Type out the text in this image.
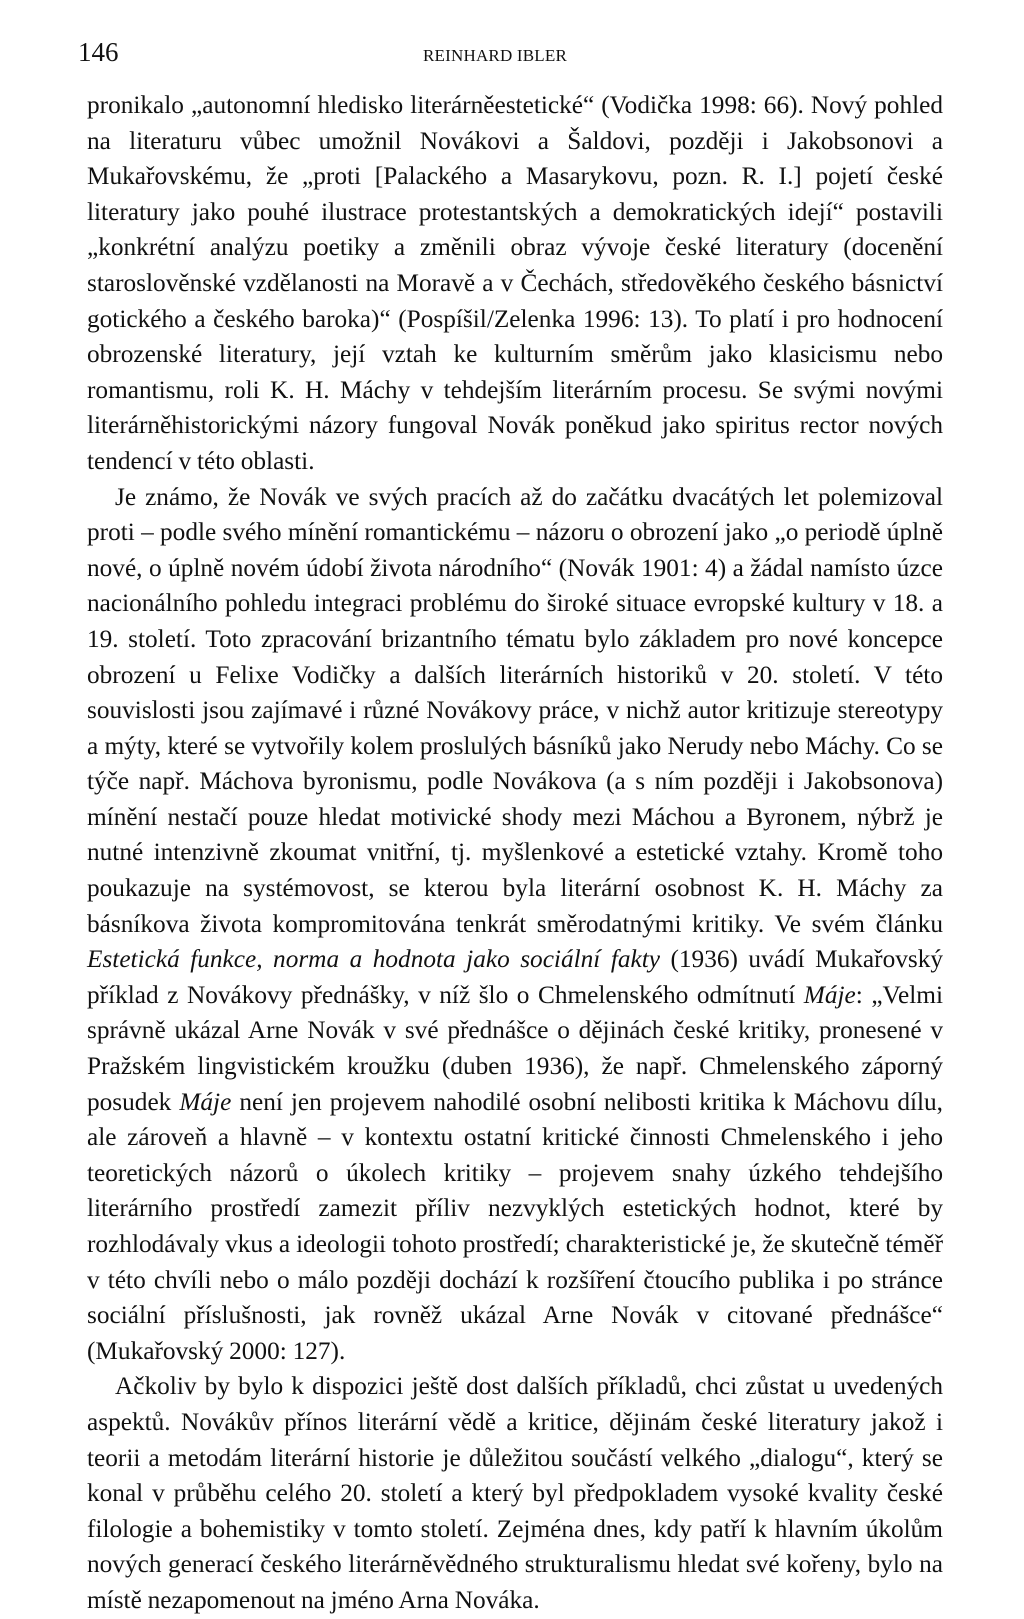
146	REINHARD IBLER

pronikalo „autonomní hledisko literárněestetické“ (Vodička 1998: 66). Nový pohled na literaturu vůbec umožnil Novákovi a Šaldovi, později i Jakobsonovi a Mukařovskému, že „proti [Palackého a Masarykovu, pozn. R. I.] pojetí české literatury jako pouhé ilustrace protestantských a demokratických idejí“ postavili „konkrétní analýzu poetiky a změnili obraz vývoje české literatury (docenění staroslověnské vzdělanosti na Moravě a v Čechách, středověkého českého básnictví gotického a českého baroka)“ (Pospíšil/Zelenka 1996: 13). To platí i pro hodnocení obrozenské literatury, její vztah ke kulturním směrům jako klasicismu nebo romantismu, roli K. H. Máchy v tehdejším literárním procesu. Se svými novými literárněhistorickými názory fungoval Novák poněkud jako spiritus rector nových tendencí v této oblasti.

Je známo, že Novák ve svých pracích až do začátku dvacátých let polemizoval proti – podle svého mínění romantickému – názoru o obrození jako „o periodě úplně nové, o úplně novém údobí života národního“ (Novák 1901: 4) a žádal namísto úzce nacionálního pohledu integraci problému do široké situace evropské kultury v 18. a 19. století. Toto zpracování brizantního tématu bylo základem pro nové koncepce obrození u Felixe Vodičky a dalších literárních historiků v 20. století. V této souvislosti jsou zajímavé i různé Novákovy práce, v nichž autor kritizuje stereotypy a mýty, které se vytvořily kolem proslulých básníků jako Nerudy nebo Máchy. Co se týče např. Máchova byronismu, podle Novákova (a s ním později i Jakobsonova) mínění nestačí pouze hledat motivické shody mezi Máchou a Byronem, nýbrž je nutné intenzivně zkoumat vnitřní, tj. myšlenkové a estetické vztahy. Kromě toho poukazuje na systémovost, se kterou byla literární osobnost K. H. Máchy za básníkova života kompromitována tenkrát směrodatnými kritiky. Ve svém článku Estetická funkce, norma a hodnota jako sociální fakty (1936) uvádí Mukařovský příklad z Novákovy přednášky, v níž šlo o Chmelenského odmítnutí Máje: „Velmi správně ukázal Arne Novák v své přednášce o dějinách české kritiky, pronesené v Pražském lingvistickém kroužku (duben 1936), že např. Chmelenského záporný posudek Máje není jen projevem nahodilé osobní nelibosti kritika k Máchovu dílu, ale zároveň a hlavně – v kontextu ostatní kritické činnosti Chmelenského i jeho teoretických názorů o úkolech kritiky – projevem snahy úzkého tehdejšího literárního prostředí zamezit příliv nezvyklých estetických hodnot, které by rozhlodávaly vkus a ideologii tohoto prostředí; charakteristické je, že skutečně téměř v této chvíli nebo o málo později dochází k rozšíření čtoucího publika i po stránce sociální příslušnosti, jak rovněž ukázal Arne Novák v citované přednášce“ (Mukařovský 2000: 127).

Ačkoliv by bylo k dispozici ještě dost dalších příkladů, chci zůstat u uvedených aspektů. Novákův přínos literární vědě a kritice, dějinám české literatury jakož i teorii a metodám literární historie je důležitou součástí velkého „dialogu“, který se konal v průběhu celého 20. století a který byl předpokladem vysoké kvality české filologie a bohemistiky v tomto století. Zejména dnes, kdy patří k hlavním úkolům nových generací českého literárněvědného strukturalismu hledat své kořeny, bylo na místě nezapomenout na jméno Arna Nováka.
